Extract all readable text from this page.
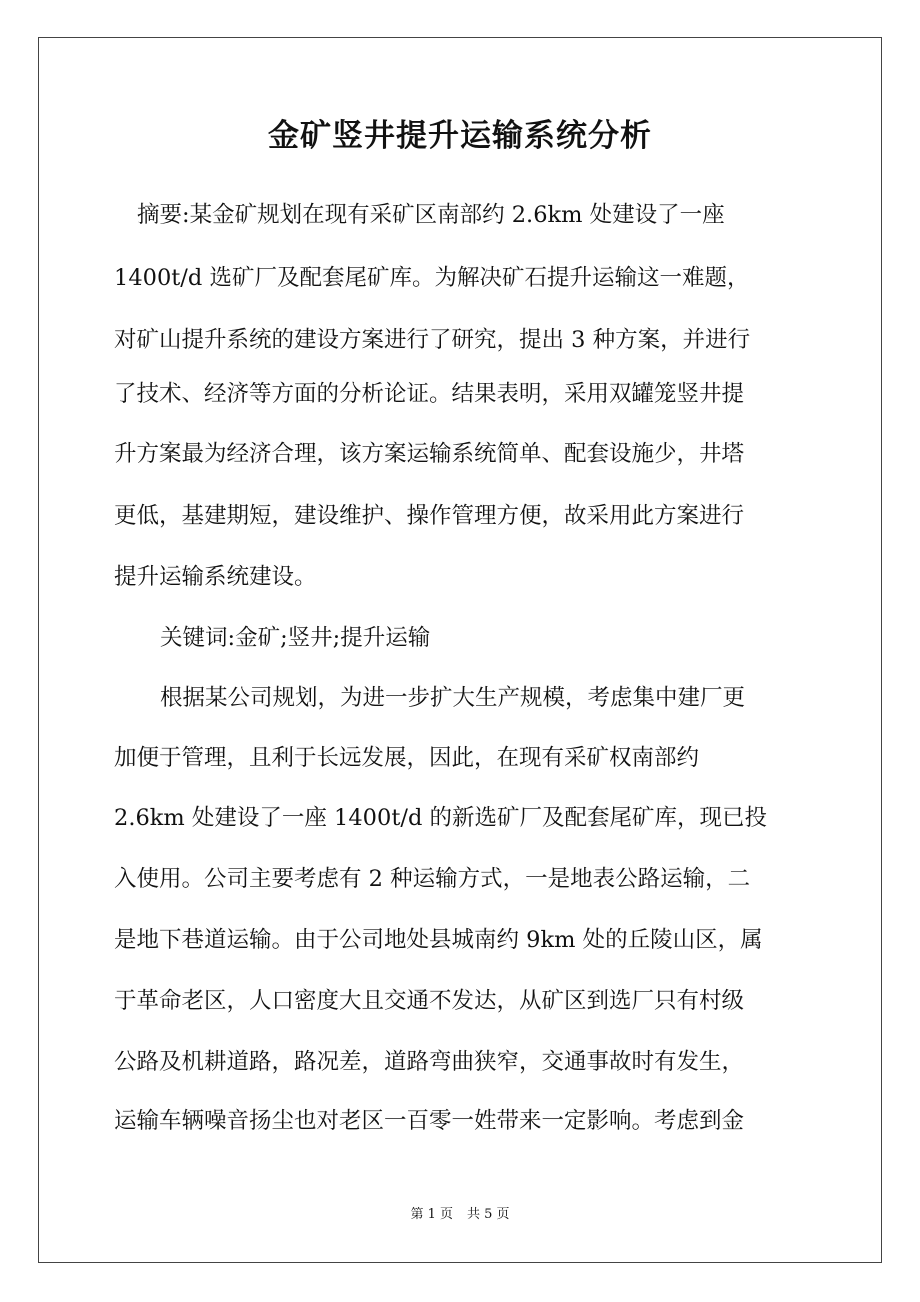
金矿竖井提升运输系统分析

摘要:某金矿规划在现有采矿区南部约 2.6km 处建设了一座

1400t/d 选矿厂及配套尾矿库。为解决矿石提升运输这一难题，

对矿山提升系统的建设方案进行了研究，提出 3 种方案，并进行

了技术、经济等方面的分析论证。结果表明，采用双罐笼竖井提

升方案最为经济合理，该方案运输系统简单、配套设施少，井塔

更低，基建期短，建设维护、操作管理方便，故采用此方案进行

提升运输系统建设。

关键词:金矿;竖井;提升运输

根据某公司规划，为进一步扩大生产规模，考虑集中建厂更

加便于管理，且利于长远发展，因此，在现有采矿权南部约

2.6km 处建设了一座 1400t/d 的新选矿厂及配套尾矿库，现已投

入使用。公司主要考虑有 2 种运输方式，一是地表公路运输，二

是地下巷道运输。由于公司地处县城南约 9km 处的丘陵山区，属

于革命老区，人口密度大且交通不发达，从矿区到选厂只有村级

公路及机耕道路，路况差，道路弯曲狭窄，交通事故时有发生，

运输车辆噪音扬尘也对老区一百零一姓带来一定影响。考虑到金

第 1 页 共 5 页
